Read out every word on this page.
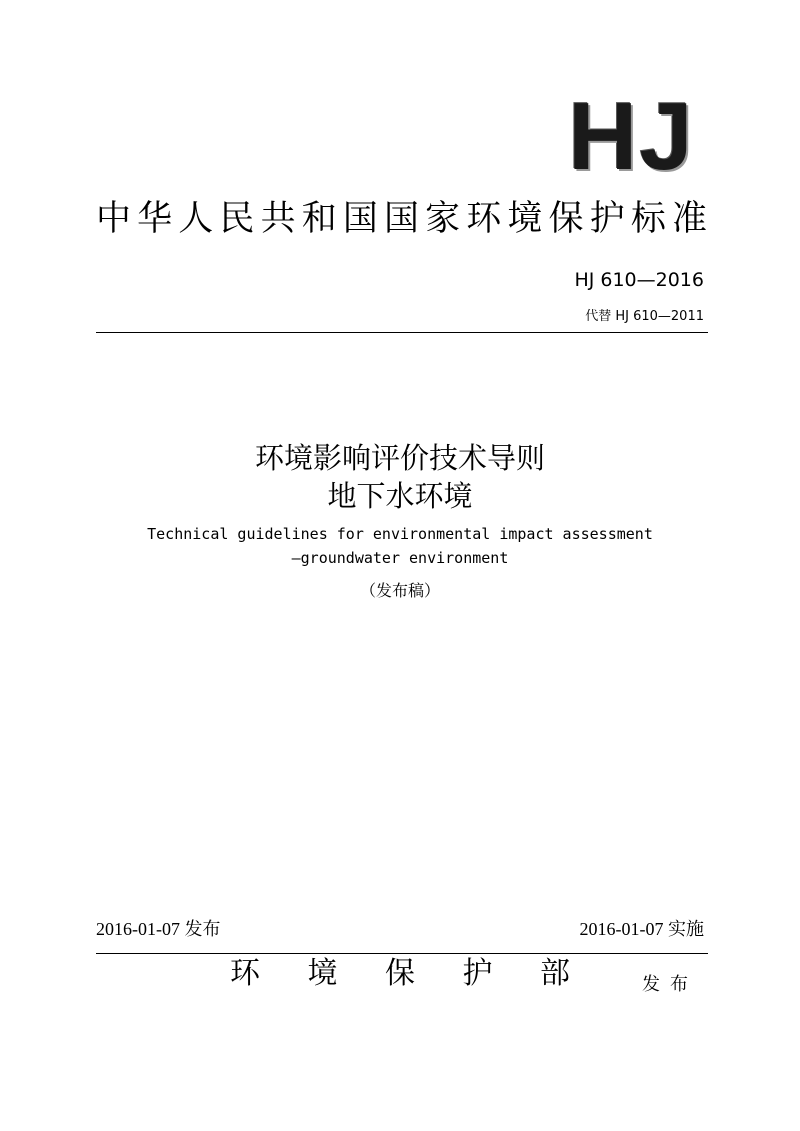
HJ
中华人民共和国国家环境保护标准
HJ 610—2016
代替 HJ 610—2011
环境影响评价技术导则
地下水环境
Technical guidelines for environmental impact assessment
—groundwater environment
（发布稿）
2016-01-07 发布	2016-01-07 实施
环 境 保 护 部	发布
